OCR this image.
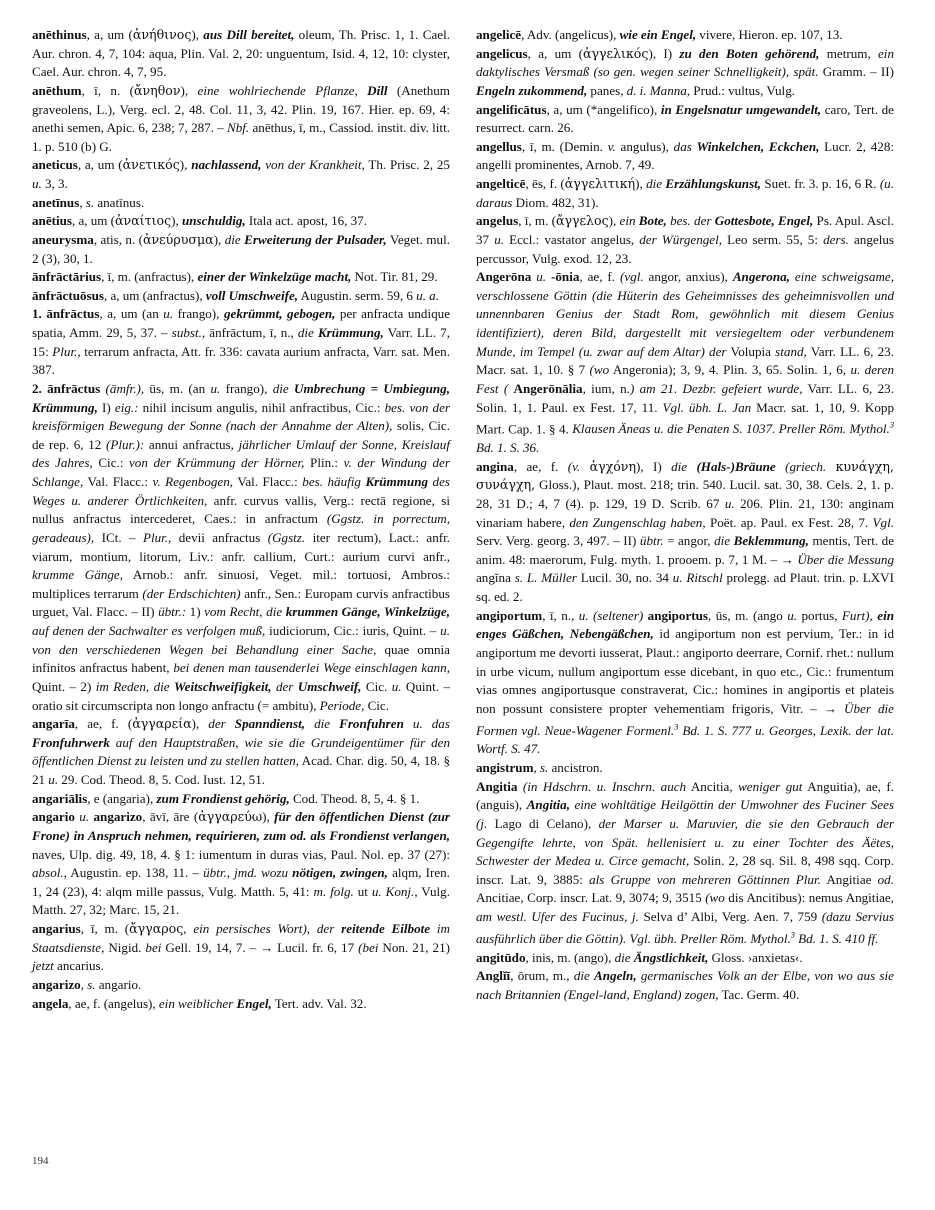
anēthinus, a, um (ἀνήθινος), aus Dill bereitet, oleum, Th. Prisc. 1, 1. Cael. Aur. chron. 4, 7, 104: aqua, Plin. Val. 2, 20: unguentum, Isid. 4, 12, 10: clyster, Cael. Aur. chron. 4, 7, 95.

anēthum, ī, n. (ἄνηθον), eine wohlriechende Pflanze, Dill (Anethum graveolens, L.), Verg. ecl. 2, 48. Col. 11, 3, 42. Plin. 19, 167. Hier. ep. 69, 4: anethi semen, Apic. 6, 238; 7, 287. – Nbf. anēthus, ī, m., Cassiod. instit. div. litt. 1. p. 510 (b) G.

aneticus, a, um (ἀνετικός), nachlassend, von der Krankheit, Th. Prisc. 2, 25 u. 3, 3.

anetīnus, s. anatīnus.

anētius, a, um (ἀναίτιος), unschuldig, Itala act. apost, 16, 37.

aneurysma, atis, n. (ἀνεύρυσμα), die Erweiterung der Pulsader, Veget. mul. 2 (3), 30, 1.

ānfrāctārius, ī, m. (anfractus), einer der Winkelzüge macht, Not. Tir. 81, 29.

ānfrāctuōsus, a, um (anfractus), voll Umschweife, Augustin. serm. 59, 6 u. a.

1. ānfrāctus, a, um (an u. frango), gekrümmt, gebogen, per anfracta undique spatia, Amm. 29, 5, 37. – subst., ānfrāctum, ī, n., die Krümmung, Varr. LL. 7, 15: Plur., terrarum anfracta, Att. fr. 336: cavata aurium anfracta, Varr. sat. Men. 387.

2. ānfrāctus (āmfr.), ūs, m. (an u. frango), die Umbrechung = Umbiegung, Krümmung, I) eig.: nihil incisum angulis, nihil anfractibus, Cic.: bes. von der kreisförmigen Bewegung der Sonne (nach der Annahme der Alten), solis, Cic. de rep. 6, 12 (Plur.): annui anfractus, jährlicher Umlauf der Sonne, Kreislauf des Jahres, Cic.: von der Krümmung der Hörner, Plin.: v. der Windung der Schlange, Val. Flacc.: v. Regenbogen, Val. Flacc.: bes. häufig Krümmung des Weges u. anderer Örtlichkeiten, anfr. curvus vallis, Verg.: rectā regione, si nullus anfractus intercederet, Caes.: in anfractum (Ggstz. in porrectum, geradeaus), ICt. – Plur., devii anfractus (Ggstz. iter rectum), Lact.: anfr. viarum, montium, litorum, Liv.: anfr. callium, Curt.: aurium curvi anfr., krumme Gänge, Arnob.: anfr. sinuosi, Veget. mil.: tortuosi, Ambros.: multiplices terrarum (der Erdschichten) anfr., Sen.: Europam curvis anfractibus urguet, Val. Flacc. – II) übtr.: 1) vom Recht, die krummen Gänge, Winkelzüge, auf denen der Sachwalter es verfolgen muß, iudiciorum, Cic.: iuris, Quint. – u. von den verschiedenen Wegen bei Behandlung einer Sache, quae omnia infinitos anfractus habent, bei denen man tausenderlei Wege einschlagen kann, Quint. – 2) im Reden, die Weitschweifigkeit, der Umschweif, Cic. u. Quint. – oratio sit circumscripta non longo anfractu (= ambitu), Periode, Cic.

angarīa, ae, f. (ἀγγαρεία), der Spanndienst, die Fronfuhren u. das Fronfuhrwerk auf den Hauptstraßen, wie sie die Grundeigentümer für den öffentlichen Dienst zu leisten und zu stellen hatten, Acad. Char. dig. 50, 4, 18. § 21 u. 29. Cod. Theod. 8, 5. Cod. Iust. 12, 51.

angariālis, e (angaria), zum Frondienst gehörig, Cod. Theod. 8, 5, 4. § 1.

angario u. angarizo, āvī, āre (ἀγγαρεύω), für den öffentlichen Dienst (zur Frone) in Anspruch nehmen, requirieren, zum od. als Frondienst verlangen, naves, Ulp. dig. 49, 18, 4. § 1: iumentum in duras vias, Paul. Nol. ep. 37 (27): absol., Augustin. ep. 138, 11. – übtr., jmd. wozu nötigen, zwingen, alqm, Iren. 1, 24 (23), 4: alqm mille passus, Vulg. Matth. 5, 41: m. folg. ut u. Konj., Vulg. Matth. 27, 32; Marc. 15, 21.

angarius, ī, m. (ἄγγαρος, ein persisches Wort), der reitende Eilbote im Staatsdienste, Nigid. bei Gell. 19, 14, 7. – → Lucil. fr. 6, 17 (bei Non. 21, 21) jetzt ancarius.

angarizo, s. angario.

angela, ae, f. (angelus), ein weiblicher Engel, Tert. adv. Val. 32.

angelicē, Adv. (angelicus), wie ein Engel, vivere, Hieron. ep. 107, 13.

angelicus, a, um (ἀγγελικός), I) zu den Boten gehörend, metrum, ein daktylisches Versmaß (so gen. wegen seiner Schnelligkeit), spät. Gramm. – II) Engeln zukommend, panes, d. i. Manna, Prud.: vultus, Vulg.

angelificātus, a, um (*angelifico), in Engelsnatur umgewandelt, caro, Tert. de resurrect. carn. 26.

angellus, ī, m. (Demin. v. angulus), das Winkelchen, Eckchen, Lucr. 2, 428: angelli prominentes, Arnob. 7, 49.

angelticē, ēs, f. (ἀγγελιτική), die Erzählungskunst, Suet. fr. 3. p. 16, 6 R. (u. daraus Diom. 482, 31).

angelus, ī, m. (ἄγγελος), ein Bote, bes. der Gottesbote, Engel, Ps. Apul. Ascl. 37 u. Eccl.: vastator angelus, der Würgengel, Leo serm. 55, 5: ders. angelus percussor, Vulg. exod. 12, 23.

Angerōna u. -ōnia, ae, f. (vgl. angor, anxius), Angerona, eine schweigsame, verschlossene Göttin (die Hüterin des Geheimnisses des geheimnisvollen und unnennbaren Genius der Stadt Rom, gewöhnlich mit diesem Genius identifiziert), deren Bild, dargestellt mit versiegeltem oder verbundenem Munde, im Tempel (u. zwar auf dem Altar) der Volupia stand, Varr. LL. 6, 23. Macr. sat. 1, 10. § 7 (wo Angeronia); 3, 9, 4. Plin. 3, 65. Solin. 1, 6, u. deren Fest ( Angerōnālia, ium, n.) am 21. Dezbr. gefeiert wurde, Varr. LL. 6, 23. Solin. 1, 1. Paul. ex Fest. 17, 11. Vgl. übh. L. Jan Macr. sat. 1, 10, 9. Kopp Mart. Cap. 1. § 4. Klausen Äneas u. die Penaten S. 1037. Preller Röm. Mythol.$^3$ Bd. 1. S. 36.

angina, ae, f. (v. ἀγχόνη), I) die (Hals-)Bräune (griech. κυνάγχη, συνάγχη, Gloss.), Plaut. most. 218; trin. 540. Lucil. sat. 30, 38. Cels. 2, 1. p. 28, 31 D.; 4, 7 (4). p. 129, 19 D. Scrib. 67 u. 206. Plin. 21, 130: anginam vinariam habere, den Zungenschlag haben, Poët. ap. Paul. ex Fest. 28, 7. Vgl. Serv. Verg. georg. 3, 497. – II) übtr. = angor, die Beklemmung, mentis, Tert. de anim. 48: maerorum, Fulg. myth. 1. prooem. p. 7, 1 M. – → Über die Messung angĭna s. L. Müller Lucil. 30, no. 34 u. Ritschl prolegg. ad Plaut. trin. p. LXVI sq. ed. 2.

angiportum, ī, n., u. (seltener) angiportus, ūs, m. (ango u. portus, Furt), ein enges Gäßchen, Nebengäßchen, id angiportum non est pervium, Ter.: in id angiportum me devorti iusserat, Plaut.: angiporto deerrare, Cornif. rhet.: nullum in urbe vicum, nullum angiportum esse dicebant, in quo etc., Cic.: frumentum vias omnes angiportusque constraverat, Cic.: homines in angiportis et plateis non possunt consistere propter vehementiam frigoris, Vitr. – → Über die Formen vgl. Neue-Wagener Formenl.$^3$ Bd. 1. S. 777 u. Georges, Lexik. der lat. Wortf. S. 47.

angistrum, s. ancistron.

Angitia (in Hdschrn. u. Inschrn. auch Ancitia, weniger gut Anguitia), ae, f. (anguis), Angitia, eine wohltätige Heilgöttin der Umwohner des Fuciner Sees (j. Lago di Celano), der Marser u. Maruvier, die sie den Gebrauch der Gegengifte lehrte, von Spät. hellenisiert u. zu einer Tochter des Äëtes, Schwester der Medea u. Circe gemacht, Solin. 2, 28 sq. Sil. 8, 498 sqq. Corp. inscr. Lat. 9, 3885: als Gruppe von mehreren Göttinnen Plur. Angitiae od. Ancitiae, Corp. inscr. Lat. 9, 3074; 9, 3515 (wo dis Ancitibus): nemus Angitiae, am westl. Ufer des Fucinus, j. Selva d’ Albi, Verg. Aen. 7, 759 (dazu Servius ausführlich über die Göttin). Vgl. übh. Preller Röm. Mythol.$^3$ Bd. 1. S. 410 ff.

angitūdo, inis, m. (ango), die Ängstlichkeit, Gloss. ›anxietas‹.

Anglĭī, ōrum, m., die Angeln, germanisches Volk an der Elbe, von wo aus sie nach Britannien (Engel-land, England) zogen, Tac. Germ. 40.

194
